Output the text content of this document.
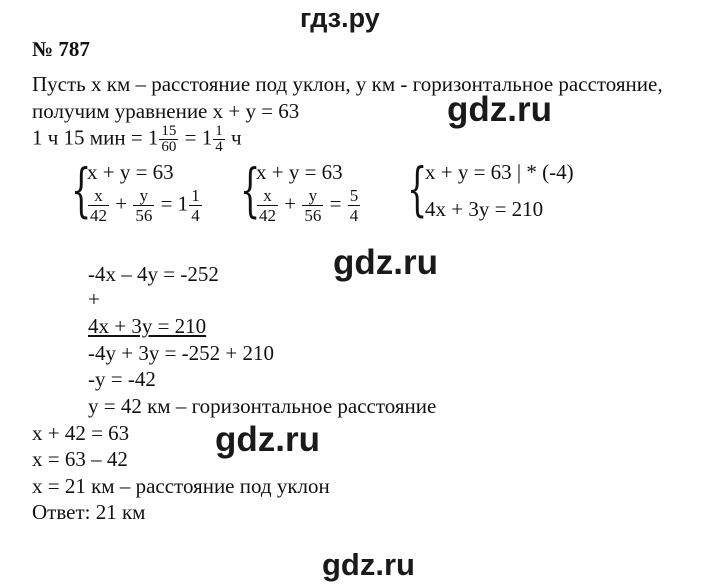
гдз.ру
№ 787
Пусть х км – расстояние под уклон, у км - горизонтальное расстояние,
получим уравнение х + у = 63	gdz.ru
1 ч 15 мин = $1 \frac{15}{60} = 1 \frac{1}{4}$ ч
{
х + у = 63
$\frac{х}{42} + \frac{у}{56} = 1 \frac{1}{4}$ {
х + у = 63
$\frac{х}{42} + \frac{у}{56} = \frac{5}{4}$ {
х + у = 63 | * (-4)
4х + 3у = 210
-4х – 4у = -252	gdz.ru
+
4х + 3у = 210
-4у + 3у = -252 + 210
-у = -42
у = 42 км – горизонтальное расстояние
х + 42 = 63 gdz.ru
х = 63 – 42
х = 21 км – расстояние под уклон
Ответ: 21 км
gdz.ru
